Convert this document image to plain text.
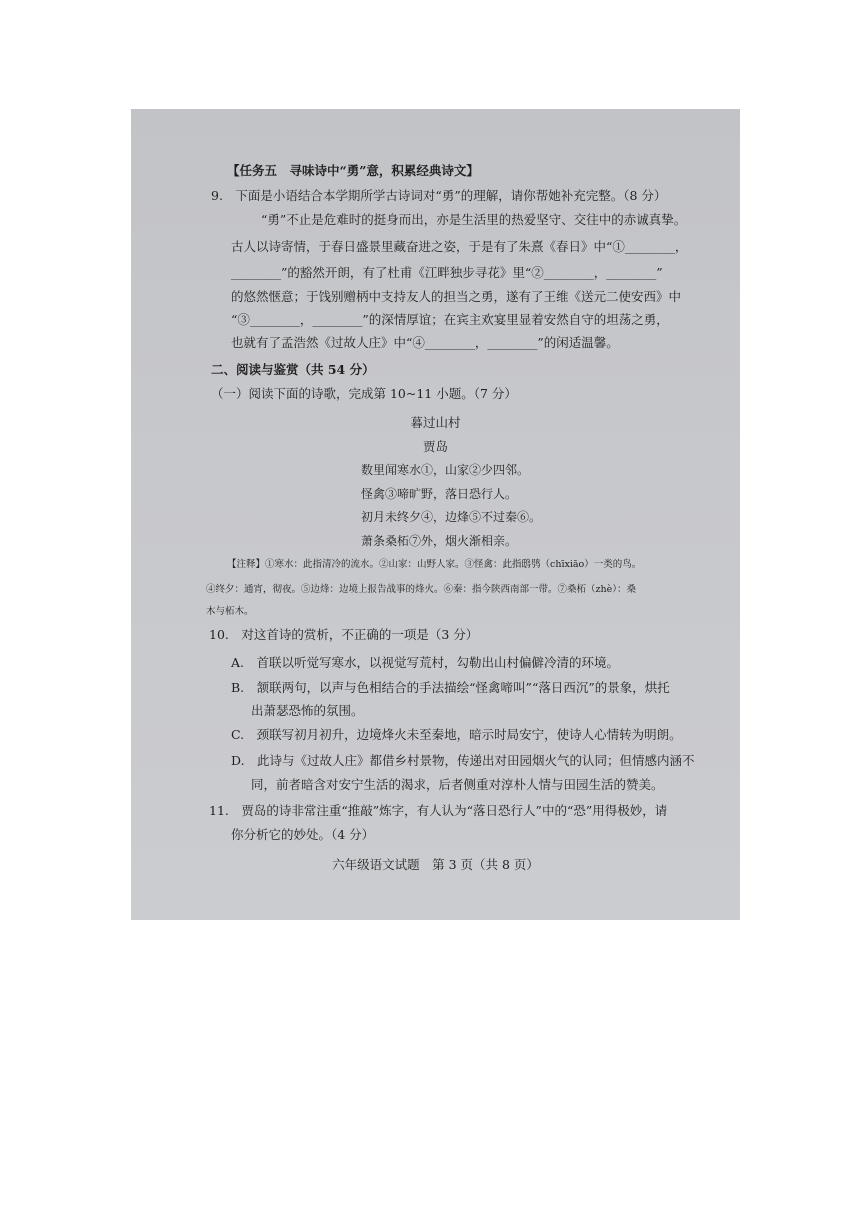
【任务五　寻味诗中“勇”意，积累经典诗文】
9.　下面是小语结合本学期所学古诗词对“勇”的理解，请你帮她补充完整。（8 分）
“勇”不止是危难时的挺身而出，亦是生活里的热爱坚守、交往中的赤诚真挚。
古人以诗寄情，于春日盛景里藏奋进之姿，于是有了朱熹《春日》中“①________，
________”的豁然开朗，有了杜甫《江畔独步寻花》里“②________，________”
的悠然惬意；于饯别赠柄中支持友人的担当之勇，遂有了王维《送元二使安西》中
“③________，________”的深情厚谊；在宾主欢宴里显着安然自守的坦荡之勇，
也就有了孟浩然《过故人庄》中“④________，________”的闲适温馨。
二、阅读与鉴赏（共 54 分）
（一）阅读下面的诗歌，完成第 10~11 小题。（7 分）
暮过山村
贾岛
数里闻寒水①，山家②少四邻。
怪禽③啼旷野，落日恐行人。
初月未终夕④，边烽⑤不过秦⑥。
萧条桑柘⑦外，烟火渐相亲。
【注释】①寒水：此指清冷的流水。②山家：山野人家。③怪禽：此指鸱鸮（chīxiāo）一类的鸟。
④终夕：通宵，彻夜。⑤边烽：边境上报告战事的烽火。⑥秦：指今陕西南部一带。⑦桑柘（zhè）：桑
木与柘木。
10.　对这首诗的赏析，不正确的一项是（3 分）
A.　首联以听觉写寒水，以视觉写荒村，勾勒出山村偏僻冷清的环境。
B.　颔联两句，以声与色相结合的手法描绘“怪禽啼叫”“落日西沉”的景象，烘托
出萧瑟恐怖的氛围。
C.　颈联写初月初升，边境烽火未至秦地，暗示时局安宁，使诗人心情转为明朗。
D.　此诗与《过故人庄》都借乡村景物，传递出对田园烟火气的认同；但情感内涵不
同，前者暗含对安宁生活的渴求，后者侧重对淳朴人情与田园生活的赞美。
11.　贾岛的诗非常注重“推敲”炼字，有人认为“落日恐行人”中的“恐”用得极妙，请
你分析它的妙处。（4 分）
六年级语文试题　第 3 页（共 8 页）
